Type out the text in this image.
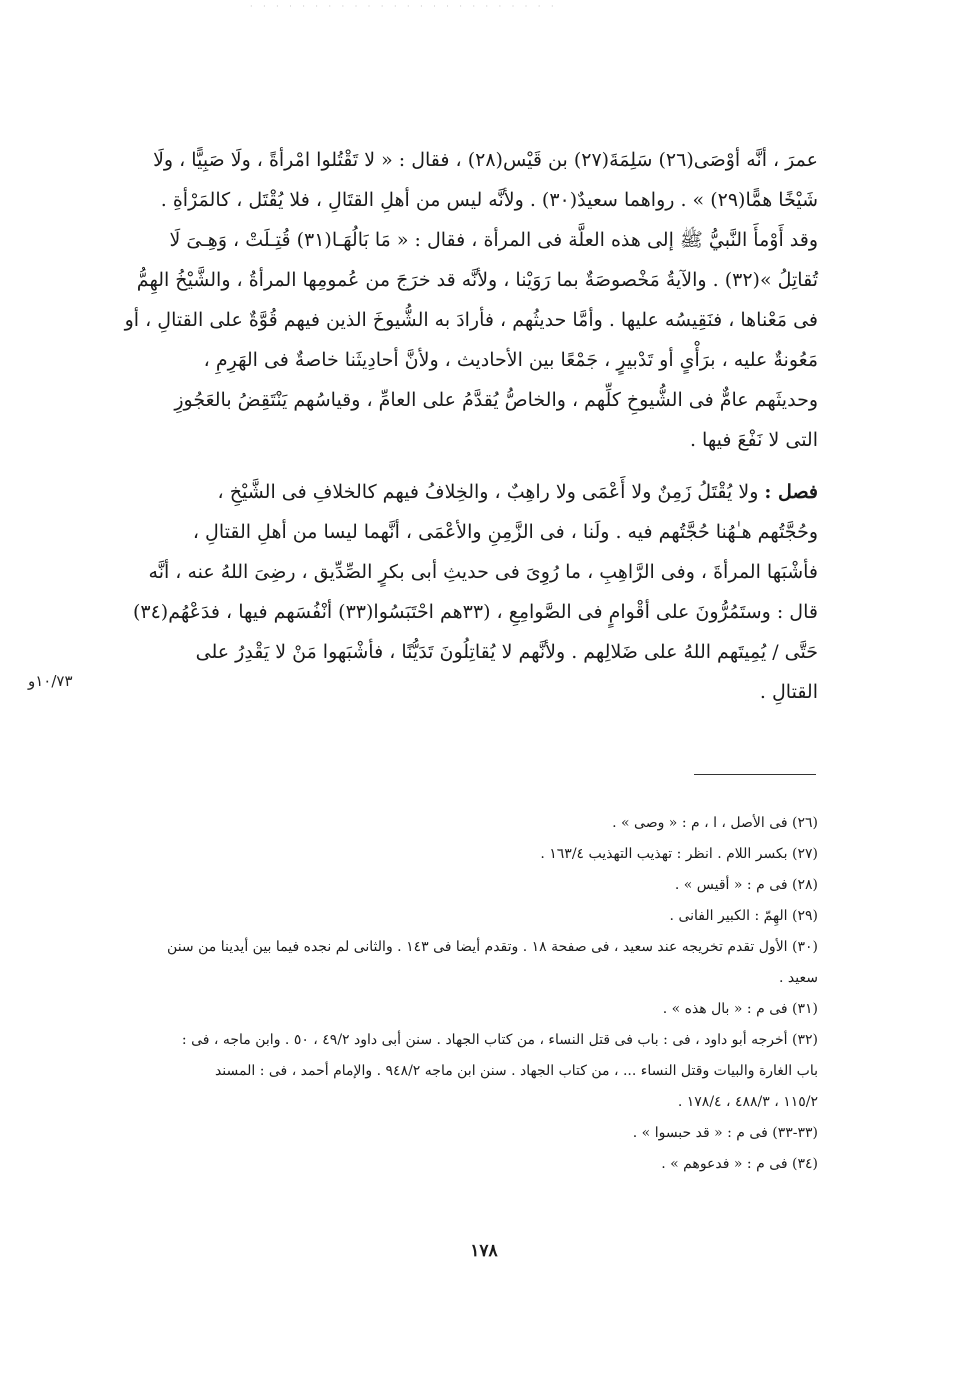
· · · · · · · · · · · · · · · · · · · · · · · ·

عمرَ ، أنَّه أوْصَى(٢٦) سَلِمَةَ(٢٧) بن قَيْس(٢٨) ، فقال : « لا تَقْتُلوا امْرأةً ، ولَا صَبِيًّا ، ولَا

شَيْخًا همًّا(٢٩) » . رواهما سعيدٌ(٣٠) . ولأنَّه ليس من أهلِ القتَالِ ، فلا يُقْتَل ، كالمَرْأةِ .

وقد أَوْمأَ النَّبيُّ ﷺ إلى هذه العلَّة فى المرأة ، فقال : « مَا بَالُهَـا(٣١) قُتِـلَتْ ، وَهِـىَ لَا

تُقاتِلُ »(٣٢) . والآيةُ مَخْصوصَةٌ بما رَوَيْنا ، ولأنَّه قد خرَجَ من عُمومِها المرأةُ ، والشَّيْخُ الهِمُّ

فى مَعْناها ، فنَقِيسُه عليها . وأمَّا حديثُهم ، فأرادَ به الشُّيوخَ الذين فيهم قُوَّةٌ على القتالِ ، أو

مَعُونةٌ عليه ، برَأْىٍ أو تَدْبيرٍ ، جَمْعًا بين الأحاديث ، ولأنَّ أحادِيثَنا خاصةٌ فى الهَرِمِ ،

وحديثَهم عامٌّ فى الشُّيوخِ كلِّهم ، والخاصُّ يُقدَّمُ على العامِّ ، وقياسُهم يَنْتَقِضُ بالعَجُوزِ

التى لا نَفْعَ فيها .

فصل : ولا يُقْتَلُ زَمِنٌ ولا أَعْمَى ولا راهِبٌ ، والخِلافُ فيهم كالخلافِ فى الشَّيْخِ ،

وحُجَّتُهم هـٰهُنا حُجَّتُهم فيه . ولَنا ، فى الزَّمِنِ والأعْمَى ، أنَّهما ليسا من أهلِ القتالِ ،

فأشْبَها المرأةَ ، وفى الرَّاهِبِ ، ما رُوِىَ فى حديثِ أبى بكرٍ الصِّدِّيق ، رضِىَ اللهُ عنه ، أنَّه

قال : وستَمُرُّونَ على أقْوامٍ فى الصَّوامِعِ ، (٣٣هم احْتَبَسُوا(٣٣) أنْفُسَهم فيها ، فدَعْهُم(٣٤)

حَتَّى / يُمِيتَهم اللهُ على ضَلالِهم . ولأنَّهم لا يُقاتِلُونَ تَدَيُّنًا ، فأشْبَهوا مَنْ لا يَقْدِرُ على

القتالِ .

١٠/٧٣و

(٢٦) فى الأصل ، ا ، م : « وصى » .

(٢٧) بكسر اللام . انظر : تهذيب التهذيب ١٦٣/٤ .

(٢٨) فى م : « أقيس » .

(٢٩) الهِمّ : الكبير الفانى .

(٣٠) الأول تقدم تخريجه عند سعيد ، فى صفحة ١٨ . وتقدم أيضا فى ١٤٣ . والثانى لم نجده فيما بين أيدينا من سنن

سعيد .

(٣١) فى م : « بال هذه » .

(٣٢) أخرجه أبو داود ، فى : باب فى قتل النساء ، من كتاب الجهاد . سنن أبى داود ٤٩/٢ ، ٥٠ . وابن ماجه ، فى :

باب الغارة والبيات وقتل النساء ... ، من كتاب الجهاد . سنن ابن ماجه ٩٤٨/٢ . والإمام أحمد ، فى : المسند

١١٥/٢ ، ٤٨٨/٣ ، ١٧٨/٤ .

(٣٣-٣٣) فى م : « قد حبسوا » .

(٣٤) فى م : « فدعوهم » .

١٧٨
